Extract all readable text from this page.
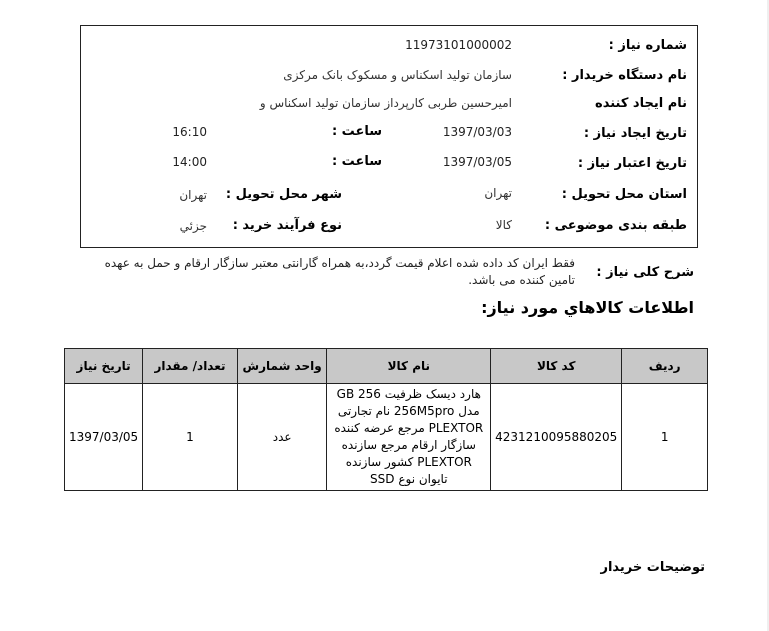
شماره نیاز :
11973101000002
نام دستگاه خریدار :
سازمان تولید اسکناس و مسکوک بانک مرکزی
نام ایجاد کننده
امیرحسین طربی کارپرداز سازمان تولید اسکناس و
تاریخ ایجاد نیاز :
1397/03/03
ساعت :
16:10
تاریخ اعتبار نیاز :
1397/03/05
ساعت :
14:00
استان محل تحویل :
تهران
شهر محل تحویل :
تهران
طبقه بندی موضوعی :
کالا
نوع فرآیند خرید :
جزئي
شرح کلی نیاز :
فقط ایران کد داده شده اعلام قیمت گردد،به همراه گارانتی معتبر سازگار ارقام و حمل به عهده تامین کننده می باشد.
اطلاعات کالاهاي مورد نیاز:
رديف	کد کالا	نام کالا	واحد شمارش	تعداد/ مقدار	تاریخ نیاز
1	4231210095880205	هارد دیسک ظرفیت 256 GB مدل 256M5pro نام تجارتی PLEXTOR مرجع عرضه کننده سازگار ارقام مرجع سازنده PLEXTOR کشور سازنده تایوان نوع SSD	عدد	1	1397/03/05
توضیحات خریدار
